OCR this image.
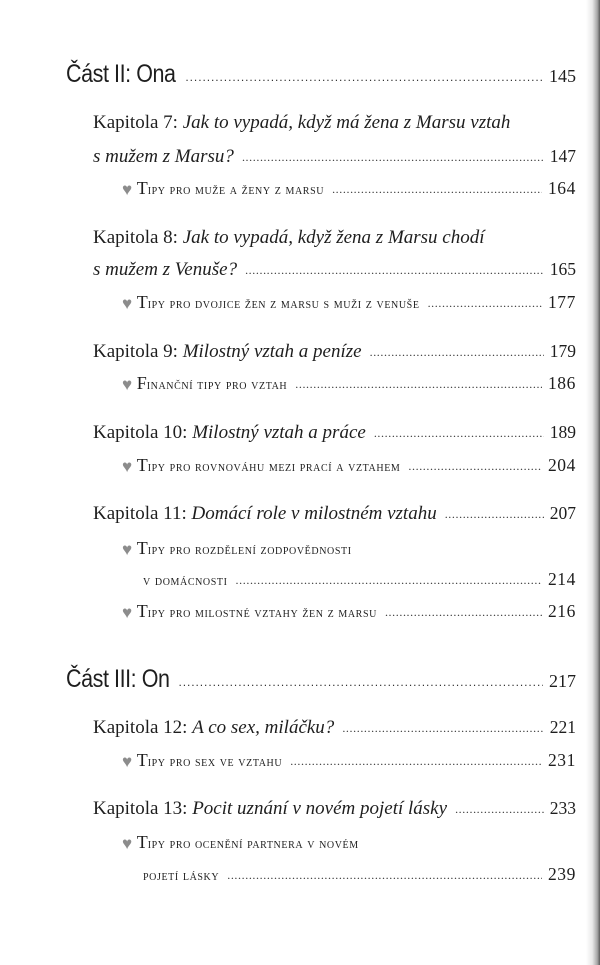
Část II: Ona . . .	145
Kapitola 7:
Jak to vypadá, když má žena z Marsu vztah
s mužem z Marsu? . . .	147
♥ T ipy pro muže a ženy z marsu . . .	164
Kapitola 8:
Jak to vypadá, když žena z Marsu chodí
s mužem z Venuše? . . .	165
♥ T ipy pro dvojice žen z marsu s muži z venuše . . .	177
Kapitola 9:
Milostný vztah a peníze . . .	179
♥ F inanční tipy pro vztah . . .	186
Kapitola 10:
Milostný vztah a práce . . .	189
♥ T ipy pro rovnováhu mezi prací a vztahem . . .	204
Kapitola 11:
Domácí role v milostném vztahu . . .	207
♥ T ipy pro rozdělení zodpovědnosti
v domácnosti . . .	214
♥ T ipy pro milostné vztahy žen z marsu . . .	216
Část III: On . . .	217
Kapitola 12:
A co sex, miláčku? . . .	221
♥ T ipy pro sex ve vztahu . . .	231
Kapitola 13:
Pocit uznání v novém pojetí lásky . . .	233
♥ T ipy pro ocenění partnera v novém
pojetí lásky . . .	239
